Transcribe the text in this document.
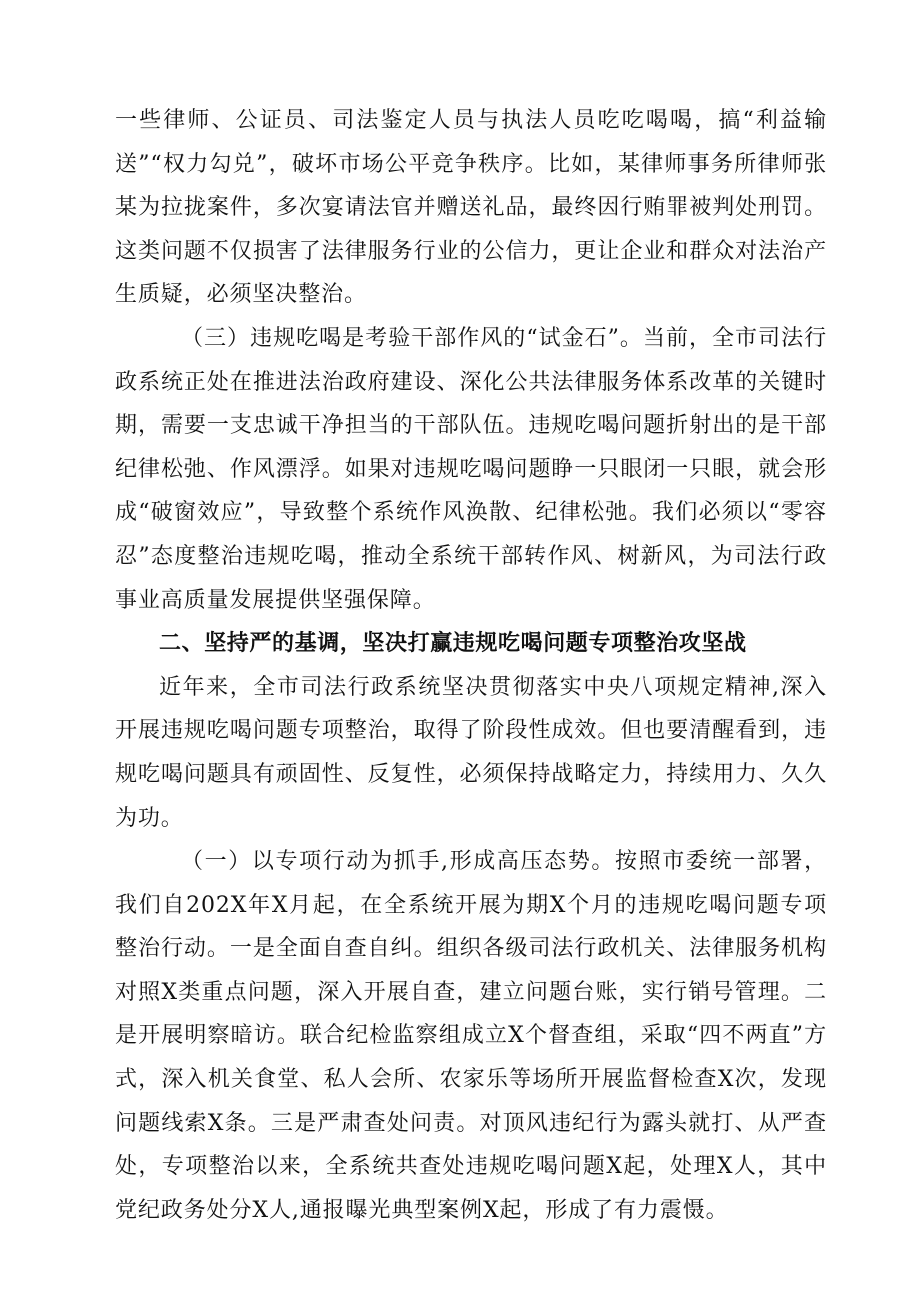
一些律师、公证员、司法鉴定人员与执法人员吃吃喝喝，搞“利益输送”“权力勾兑”，破坏市场公平竞争秩序。比如，某律师事务所律师张某为拉拢案件，多次宴请法官并赠送礼品，最终因行贿罪被判处刑罚。这类问题不仅损害了法律服务行业的公信力，更让企业和群众对法治产生质疑，必须坚决整治。

（三）违规吃喝是考验干部作风的“试金石”。当前，全市司法行政系统正处在推进法治政府建设、深化公共法律服务体系改革的关键时期，需要一支忠诚干净担当的干部队伍。违规吃喝问题折射出的是干部纪律松弛、作风漂浮。如果对违规吃喝问题睁一只眼闭一只眼，就会形成“破窗效应”，导致整个系统作风涣散、纪律松弛。我们必须以“零容忍”态度整治违规吃喝，推动全系统干部转作风、树新风，为司法行政事业高质量发展提供坚强保障。

二、坚持严的基调，坚决打赢违规吃喝问题专项整治攻坚战

近年来，全市司法行政系统坚决贯彻落实中央八项规定精神,深入开展违规吃喝问题专项整治，取得了阶段性成效。但也要清醒看到，违规吃喝问题具有顽固性、反复性，必须保持战略定力，持续用力、久久为功。

（一）以专项行动为抓手,形成高压态势。按照市委统一部署，我们自202X年X月起，在全系统开展为期X个月的违规吃喝问题专项整治行动。一是全面自查自纠。组织各级司法行政机关、法律服务机构对照X类重点问题，深入开展自查，建立问题台账，实行销号管理。二是开展明察暗访。联合纪检监察组成立X个督查组，采取“四不两直”方式，深入机关食堂、私人会所、农家乐等场所开展监督检查X次，发现问题线索X条。三是严肃查处问责。对顶风违纪行为露头就打、从严查处，专项整治以来，全系统共查处违规吃喝问题X起，处理X人，其中党纪政务处分X人,通报曝光典型案例X起，形成了有力震慑。
